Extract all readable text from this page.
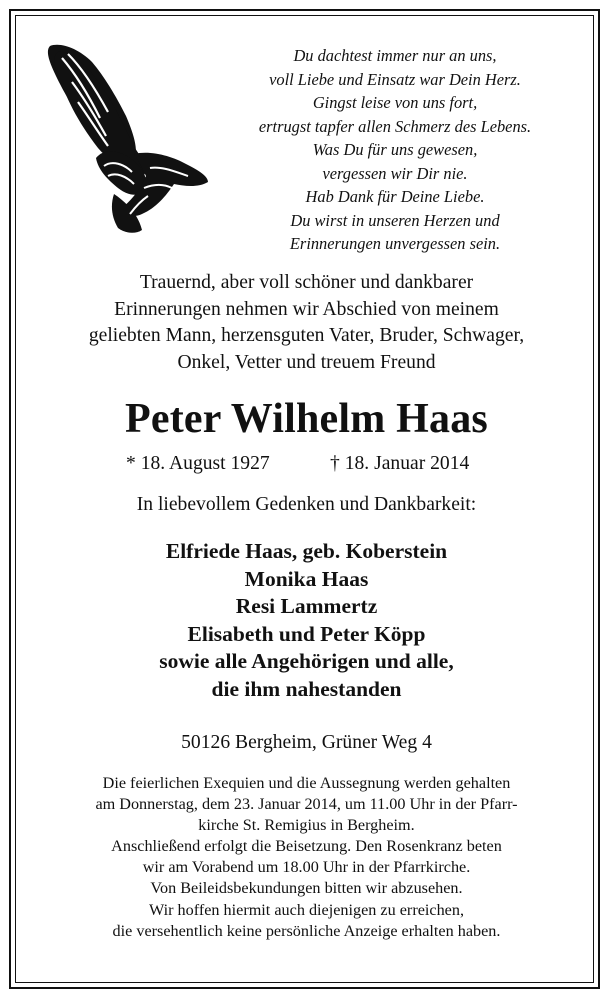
Du dachtest immer nur an uns,
voll Liebe und Einsatz war Dein Herz.
Gingst leise von uns fort,
ertrugst tapfer allen Schmerz des Lebens.
Was Du für uns gewesen,
vergessen wir Dir nie.
Hab Dank für Deine Liebe.
Du wirst in unseren Herzen und
Erinnerungen unvergessen sein.
Trauernd, aber voll schöner und dankbarer
Erinnerungen nehmen wir Abschied von meinem
geliebten Mann, herzensguten Vater, Bruder, Schwager,
Onkel, Vetter und treuem Freund
Peter Wilhelm Haas
* 18. August 1927	† 18. Januar 2014
In liebevollem Gedenken und Dankbarkeit:
Elfriede Haas, geb. Koberstein
Monika Haas
Resi Lammertz
Elisabeth und Peter Köpp
sowie alle Angehörigen und alle,
die ihm nahestanden
50126 Bergheim, Grüner Weg 4
Die feierlichen Exequien und die Aussegnung werden gehalten
am Donnerstag, dem 23. Januar 2014, um 11.00 Uhr in der Pfarr-
kirche St. Remigius in Bergheim.
Anschließend erfolgt die Beisetzung. Den Rosenkranz beten
wir am Vorabend um 18.00 Uhr in der Pfarrkirche.
Von Beileidsbekundungen bitten wir abzusehen.
Wir hoffen hiermit auch diejenigen zu erreichen,
die versehentlich keine persönliche Anzeige erhalten haben.
